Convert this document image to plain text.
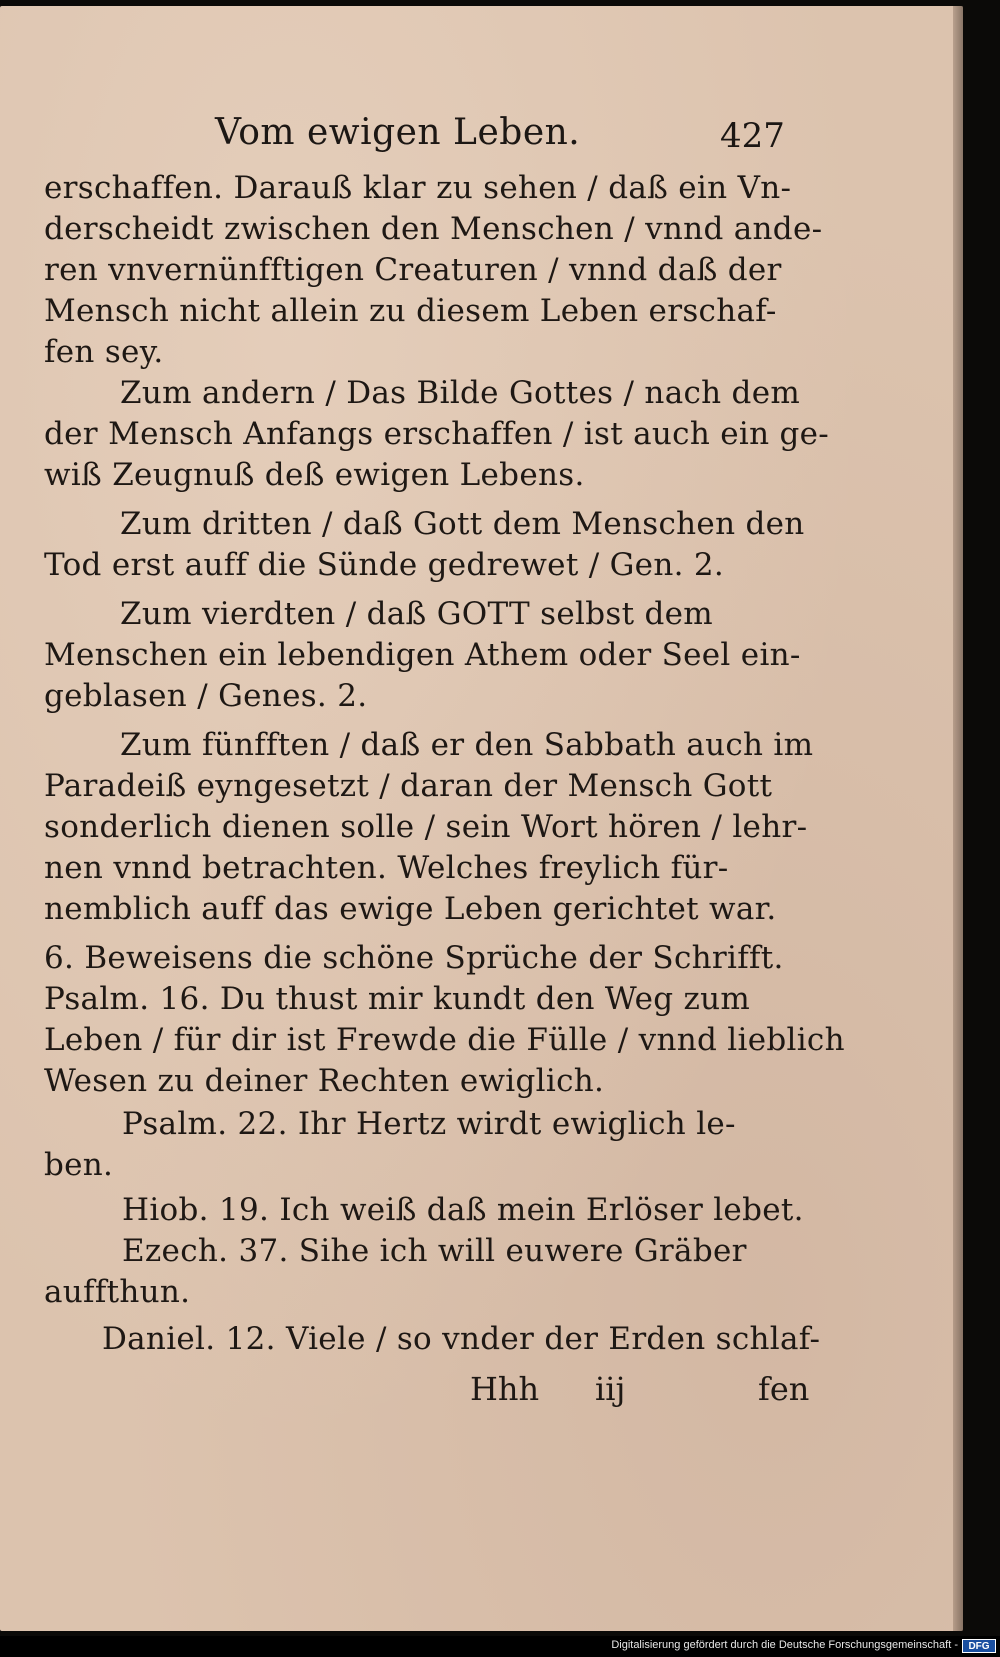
Vom ewigen Leben.	427
erschaffen. Darauß klar zu sehen / daß ein Vn-
derscheidt zwischen den Menschen / vnnd ande-
ren vnvernünfftigen Creaturen / vnnd daß der
Mensch nicht allein zu diesem Leben erschaf-
fen sey.
Zum andern / Das Bilde Gottes / nach dem
der Mensch Anfangs erschaffen / ist auch ein ge-
wiß Zeugnuß deß ewigen Lebens.
Zum dritten / daß Gott dem Menschen den
Tod erst auff die Sünde gedrewet / Gen. 2.
Zum vierdten / daß GOTT selbst dem
Menschen ein lebendigen Athem oder Seel ein-
geblasen / Genes. 2.
Zum fünfften / daß er den Sabbath auch im
Paradeiß eyngesetzt / daran der Mensch Gott
sonderlich dienen solle / sein Wort hören / lehr-
nen vnnd betrachten. Welches freylich für-
nemblich auff das ewige Leben gerichtet war.
6. Beweisens die schöne Sprüche der Schrifft.
Psalm. 16. Du thust mir kundt den Weg zum
Leben / für dir ist Frewde die Fülle / vnnd lieblich
Wesen zu deiner Rechten ewiglich.
Psalm. 22. Ihr Hertz wirdt ewiglich le-
ben.
Hiob. 19. Ich weiß daß mein Erlöser lebet.
Ezech. 37. Sihe ich will euwere Gräber
auffthun.
Daniel. 12. Viele / so vnder der Erden schlaf-
Hhh iij	fen
Digitalisierung gefördert durch die Deutsche Forschungsgemeinschaft -	DFG
